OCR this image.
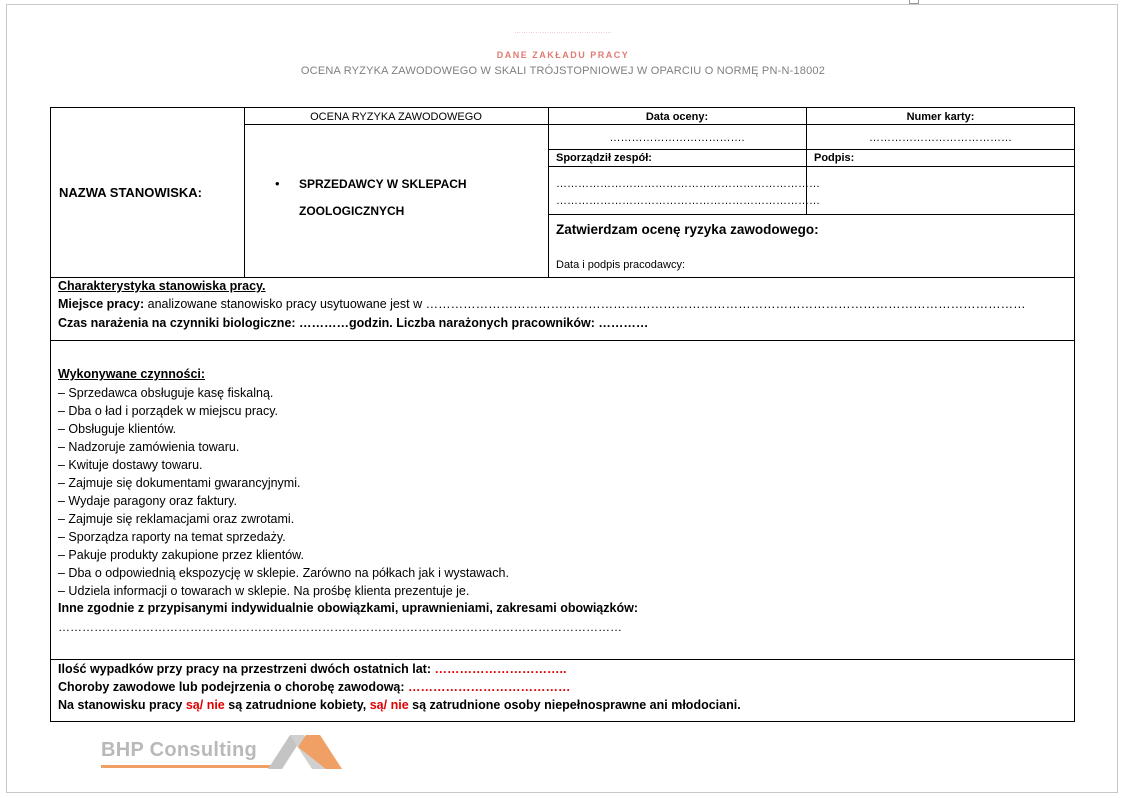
……………………………………
DANE ZAKŁADU PRACY
OCENA RYZYKA ZAWODOWEGO W SKALI TRÓJSTOPNIOWEJ W OPARCIU O NORMĘ PN-N-18002
NAZWA STANOWISKA:
OCENA RYZYKA ZAWODOWEGO
• SPRZEDAWCY W SKLEPACH
ZOOLOGICZNYCH
Data oceny:
……………………………….
Numer karty:
…………………………………
Sporządził zespół:
………………………………………………………………
………………………………………………………………
Podpis:
Zatwierdzam ocenę ryzyka zawodowego:
Data i podpis pracodawcy:
Charakterystyka stanowiska pracy.
Miejsce pracy: analizowane stanowisko pracy usytuowane jest w ………………………………………………………………………………………………………………………………
Czas narażenia na czynniki biologiczne: …………godzin. Liczba narażonych pracowników: …………
Wykonywane czynności:
– Sprzedawca obsługuje kasę fiskalną.
– Dba o ład i porządek w miejscu pracy.
– Obsługuje klientów.
– Nadzoruje zamówienia towaru.
– Kwituje dostawy towaru.
– Zajmuje się dokumentami gwarancyjnymi.
– Wydaje paragony oraz faktury.
– Zajmuje się reklamacjami oraz zwrotami.
– Sporządza raporty na temat sprzedaży.
– Pakuje produkty zakupione przez klientów.
– Dba o odpowiednią ekspozycję w sklepie. Zarówno na półkach jak i wystawach.
– Udziela informacji o towarach w sklepie. Na prośbę klienta prezentuje je.
Inne zgodnie z przypisanymi indywidualnie obowiązkami, uprawnieniami, zakresami obowiązków:
……………………………………………………………………………………………………………………………
Ilość wypadków przy pracy na przestrzeni dwóch ostatnich lat: …………………………..
Choroby zawodowe lub podejrzenia o chorobę zawodową: …………………………………
Na stanowisku pracy są/ nie są zatrudnione kobiety, są/ nie są zatrudnione osoby niepełnosprawne ani młodociani.
BHP Consulting
